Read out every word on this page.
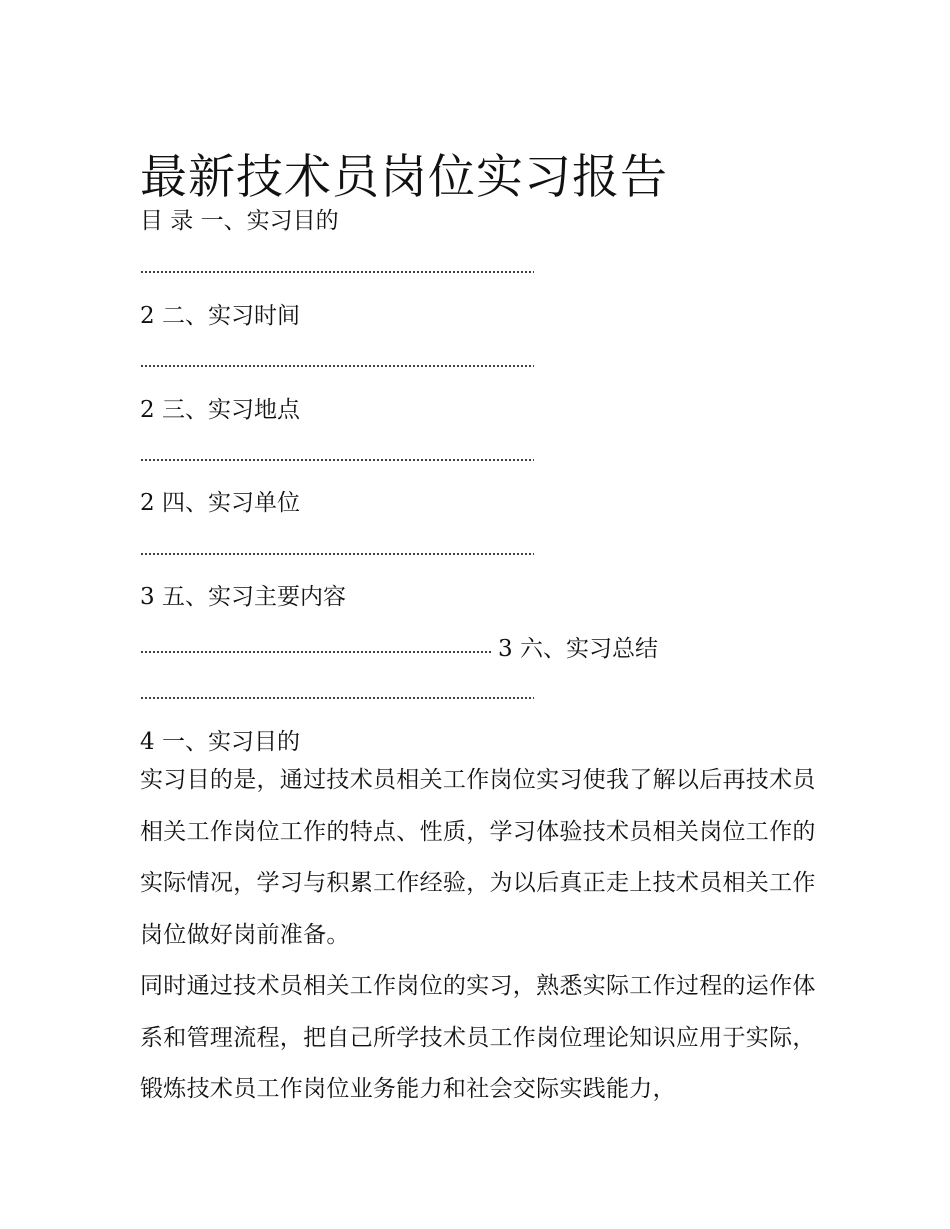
最新技术员岗位实习报告
目 录 一、实习目的
2 二、实习时间
2 三、实习地点
2 四、实习单位
3 五、实习主要内容
3 六、实习总结
4 一、实习目的

实习目的是，通过技术员相关工作岗位实习使我了解以后再技术员相关工作岗位工作的特点、性质，学习体验技术员相关岗位工作的实际情况，学习与积累工作经验，为以后真正走上技术员相关工作岗位做好岗前准备。

同时通过技术员相关工作岗位的实习，熟悉实际工作过程的运作体系和管理流程，把自己所学技术员工作岗位理论知识应用于实际，锻炼技术员工作岗位业务能力和社会交际实践能力，
